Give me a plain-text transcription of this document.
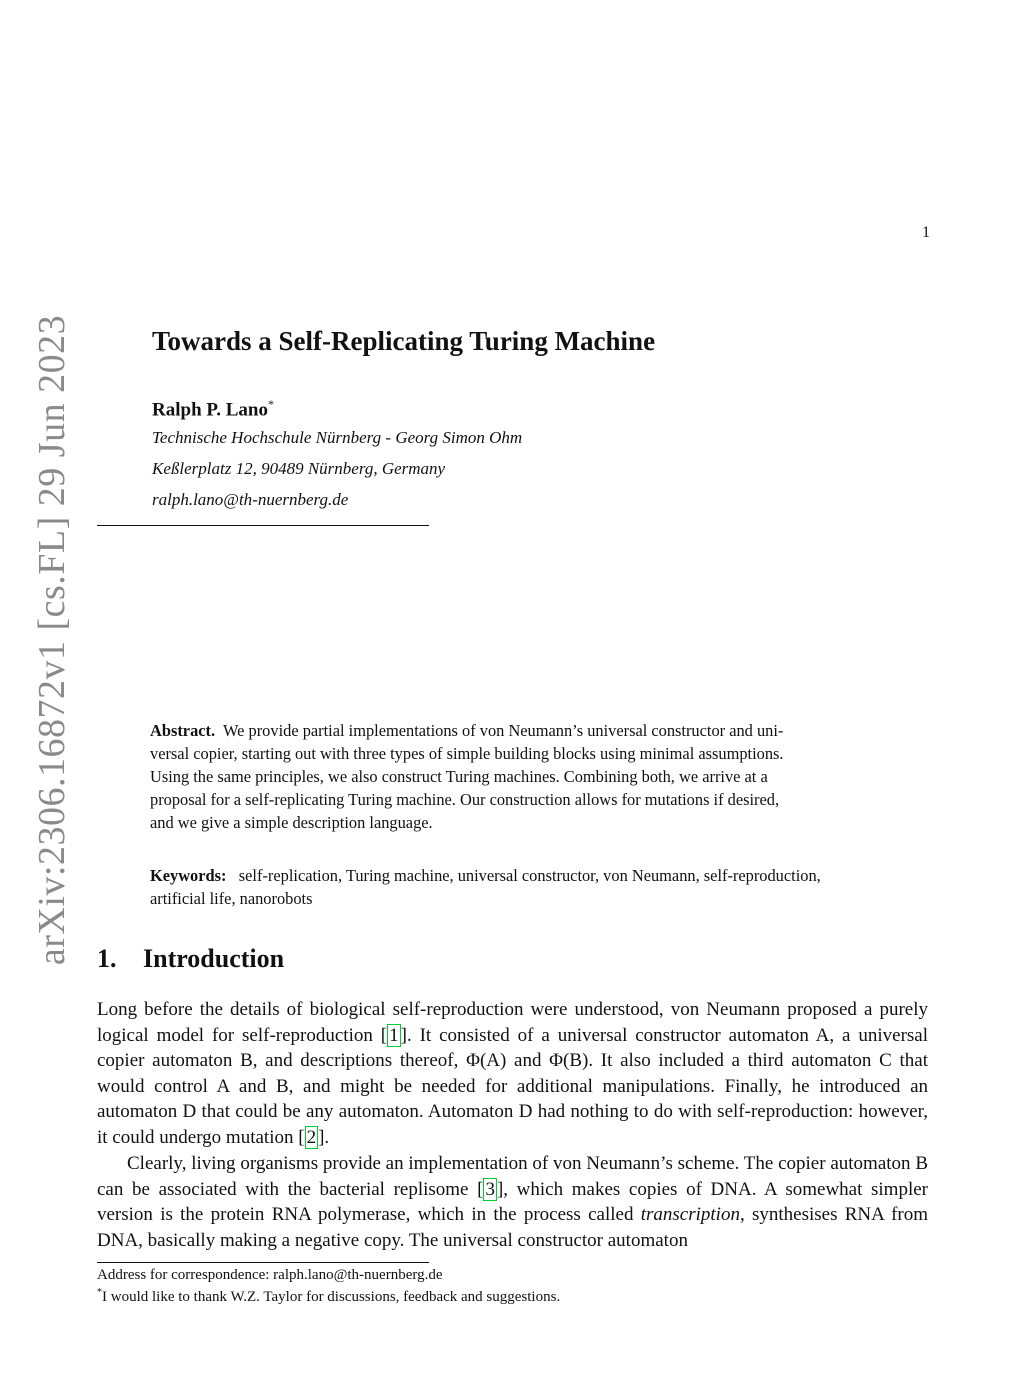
1
arXiv:2306.16872v1 [cs.FL] 29 Jun 2023	Towards a Self-Replicating Turing Machine
Ralph P. Lano*
Technische Hochschule Nürnberg - Georg Simon Ohm
Keßlerplatz 12, 90489 Nürnberg, Germany
ralph.lano@th-nuernberg.de
Abstract. We provide partial implementations of von Neumann’s universal constructor and uni-
versal copier, starting out with three types of simple building blocks using minimal assumptions.
Using the same principles, we also construct Turing machines. Combining both, we arrive at a
proposal for a self-replicating Turing machine. Our construction allows for mutations if desired,
and we give a simple description language.
Keywords: self-replication, Turing machine, universal constructor, von Neumann, self-reproduction,
artificial life, nanorobots
1. Introduction

Long before the details of biological self-reproduction were understood, von Neumann proposed a purely logical model for self-reproduction [ 1 ]. It consisted of a universal constructor automaton A, a universal copier automaton B, and descriptions thereof, Φ(A) and Φ(B). It also included a third automaton C that would control A and B, and might be needed for additional manipulations. Finally, he introduced an automaton D that could be any automaton. Automaton D had nothing to do with self-reproduction: however, it could undergo mutation [ 2 ].

Clearly, living organisms provide an implementation of von Neumann’s scheme. The copier automaton B can be associated with the bacterial replisome [ 3 ], which makes copies of DNA. A somewhat simpler version is the protein RNA polymerase, which in the process called transcription, synthesises RNA from DNA, basically making a negative copy. The universal constructor automaton

Address for correspondence: ralph.lano@th-nuernberg.de
*I would like to thank W.Z. Taylor for discussions, feedback and suggestions.
